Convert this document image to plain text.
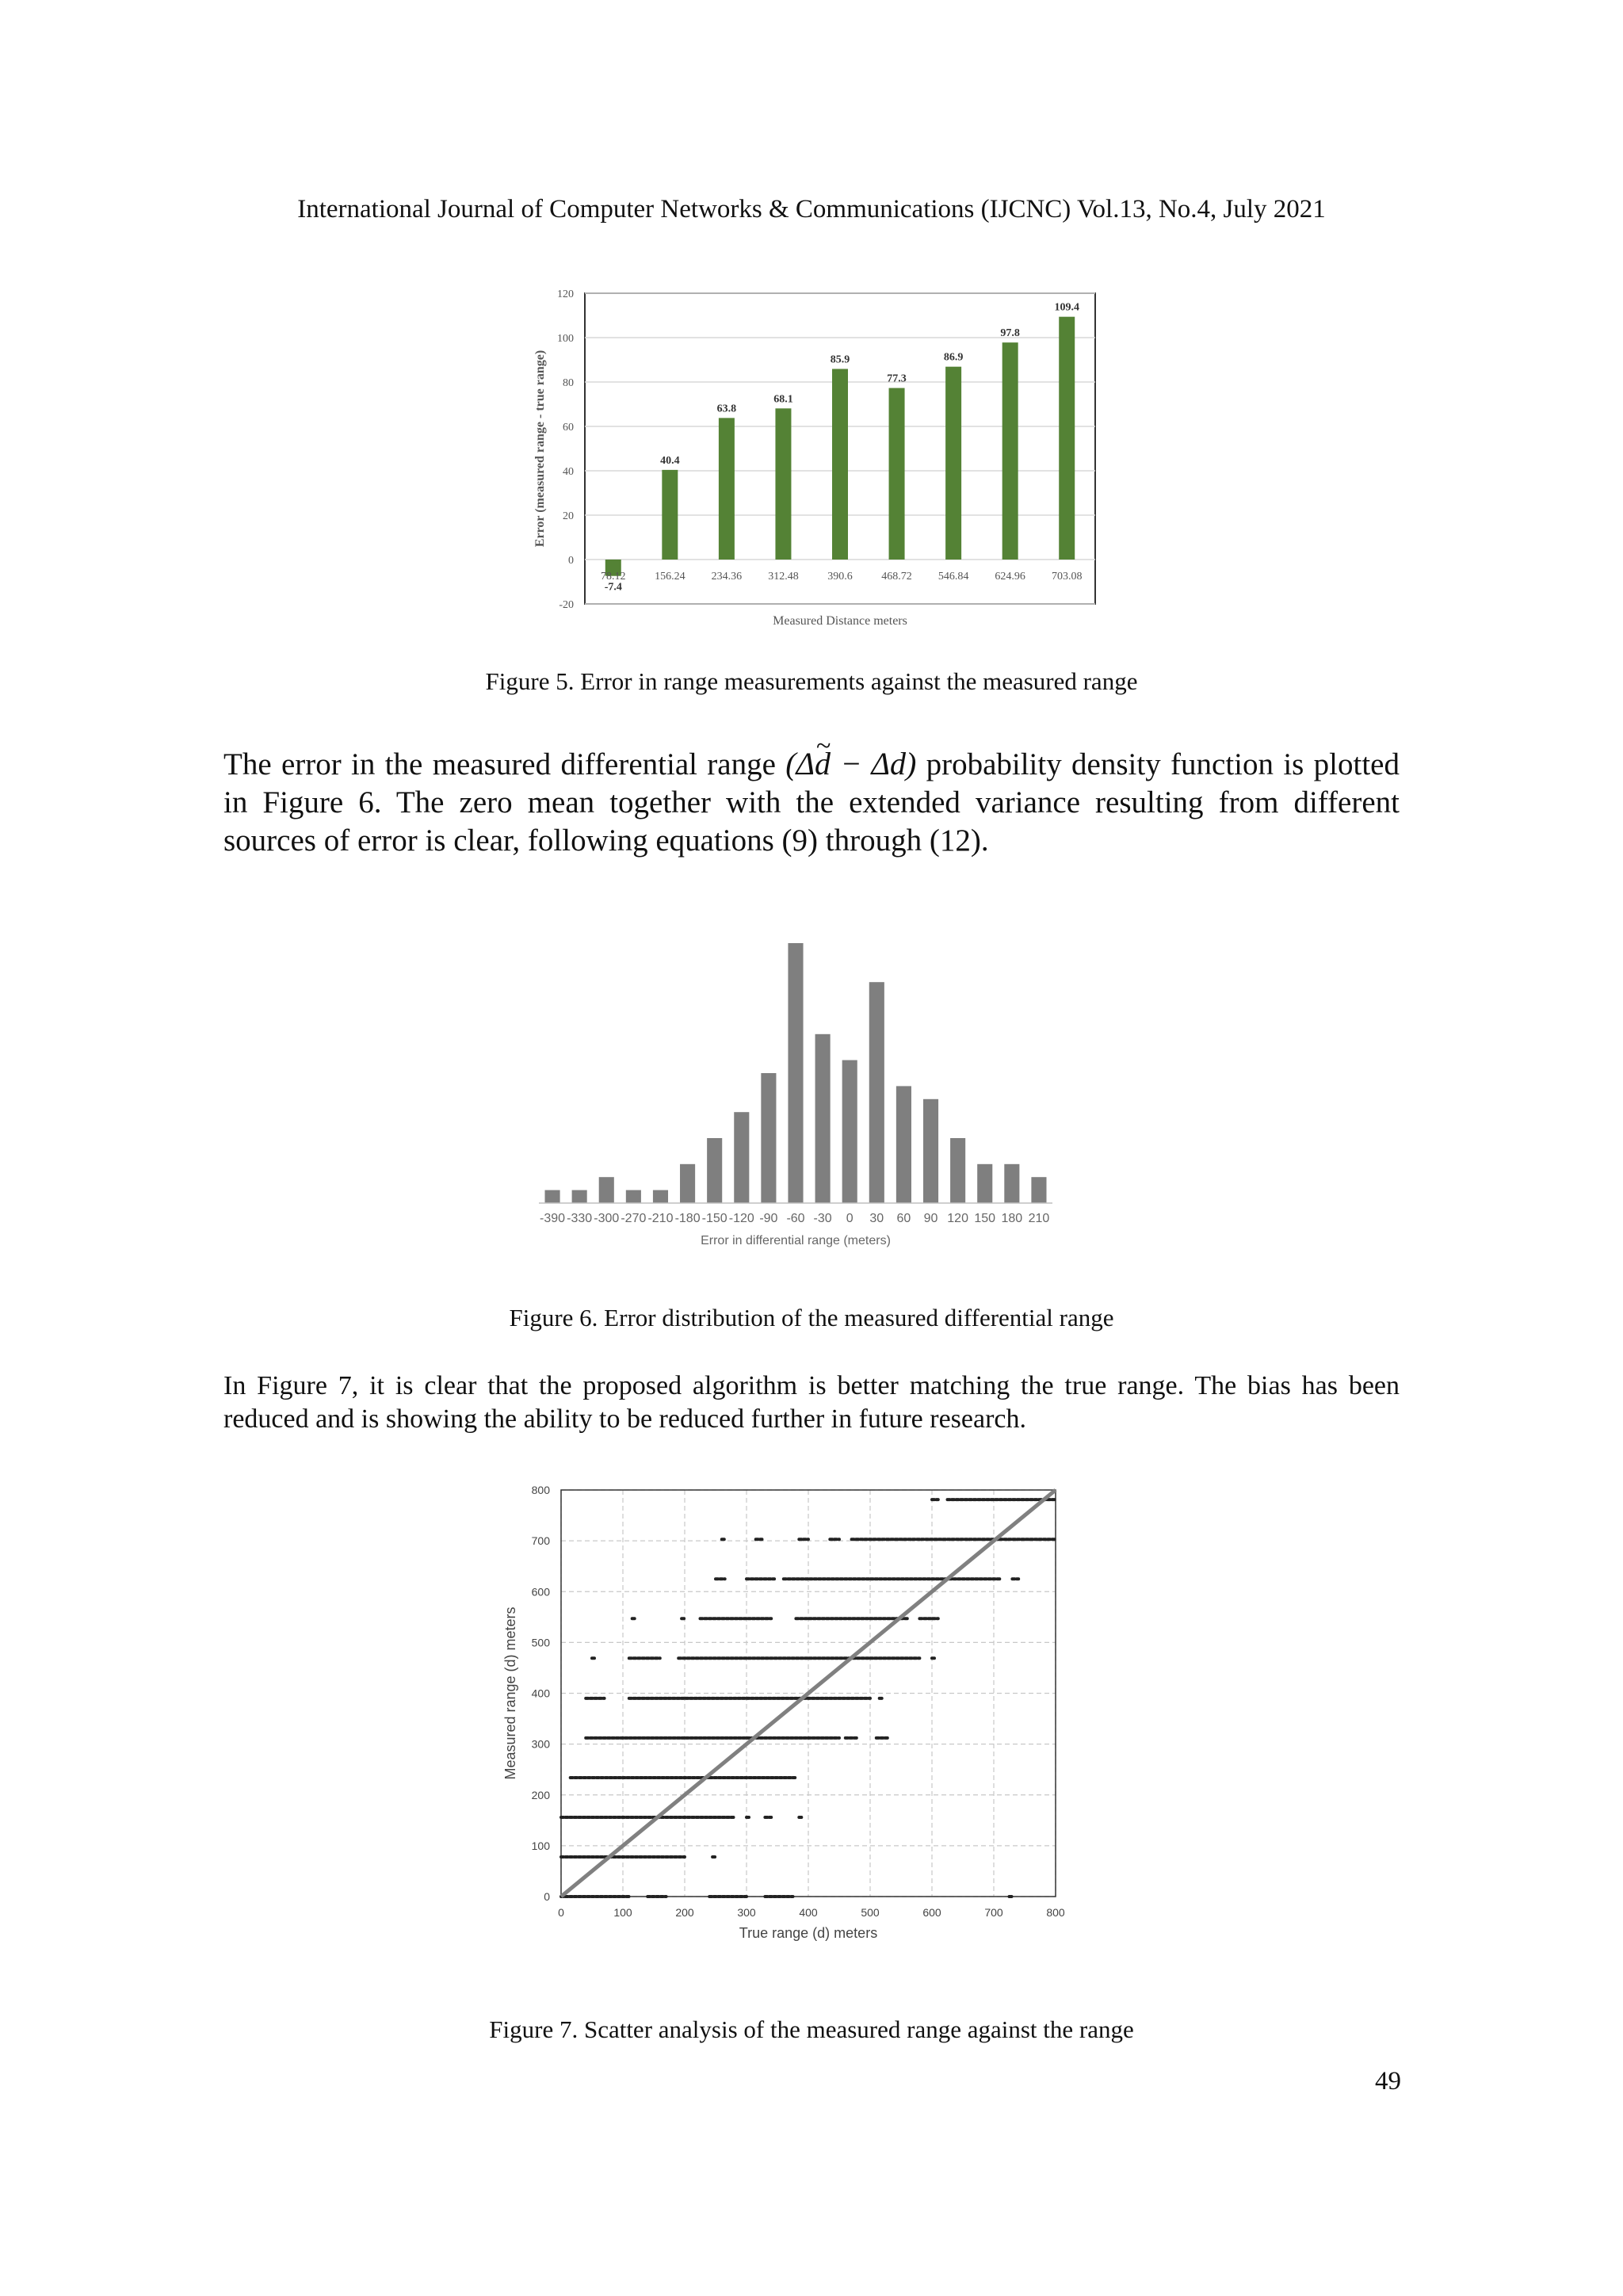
International Journal of Computer Networks & Communications (IJCNC) Vol.13, No.4, July 2021
-20
0
20
40
60
80
100
120
-7.4
78.12
40.4
156.24
63.8
234.36
68.1
312.48
85.9
390.6
77.3
468.72
86.9
546.84
97.8
624.96
109.4
703.08
Measured Distance meters
Error (measured range - true range)
Figure 5. Error in range measurements against the measured range

The error in the measured differential range (Δd ~ − Δd) probability density function is plotted in Figure 6. The zero mean together with the extended variance resulting from different sources of error is clear, following equations (9) through (12).

-390 -330 -300 -270 -210 -180 -150 -120 -90 -60 -30 0 30 60 90 120 150 180 210
Error in differential range (meters)
Figure 6. Error distribution of the measured differential range

In Figure 7, it is clear that the proposed algorithm is better matching the true range. The bias has been reduced and is showing the ability to be reduced further in future research.

0	100	200	300	400	500	600	700	800
0
100
200
300
400
500
600
700
800
True range (d) meters
Measured range (d) meters
Figure 7. Scatter analysis of the measured range against the range
49
